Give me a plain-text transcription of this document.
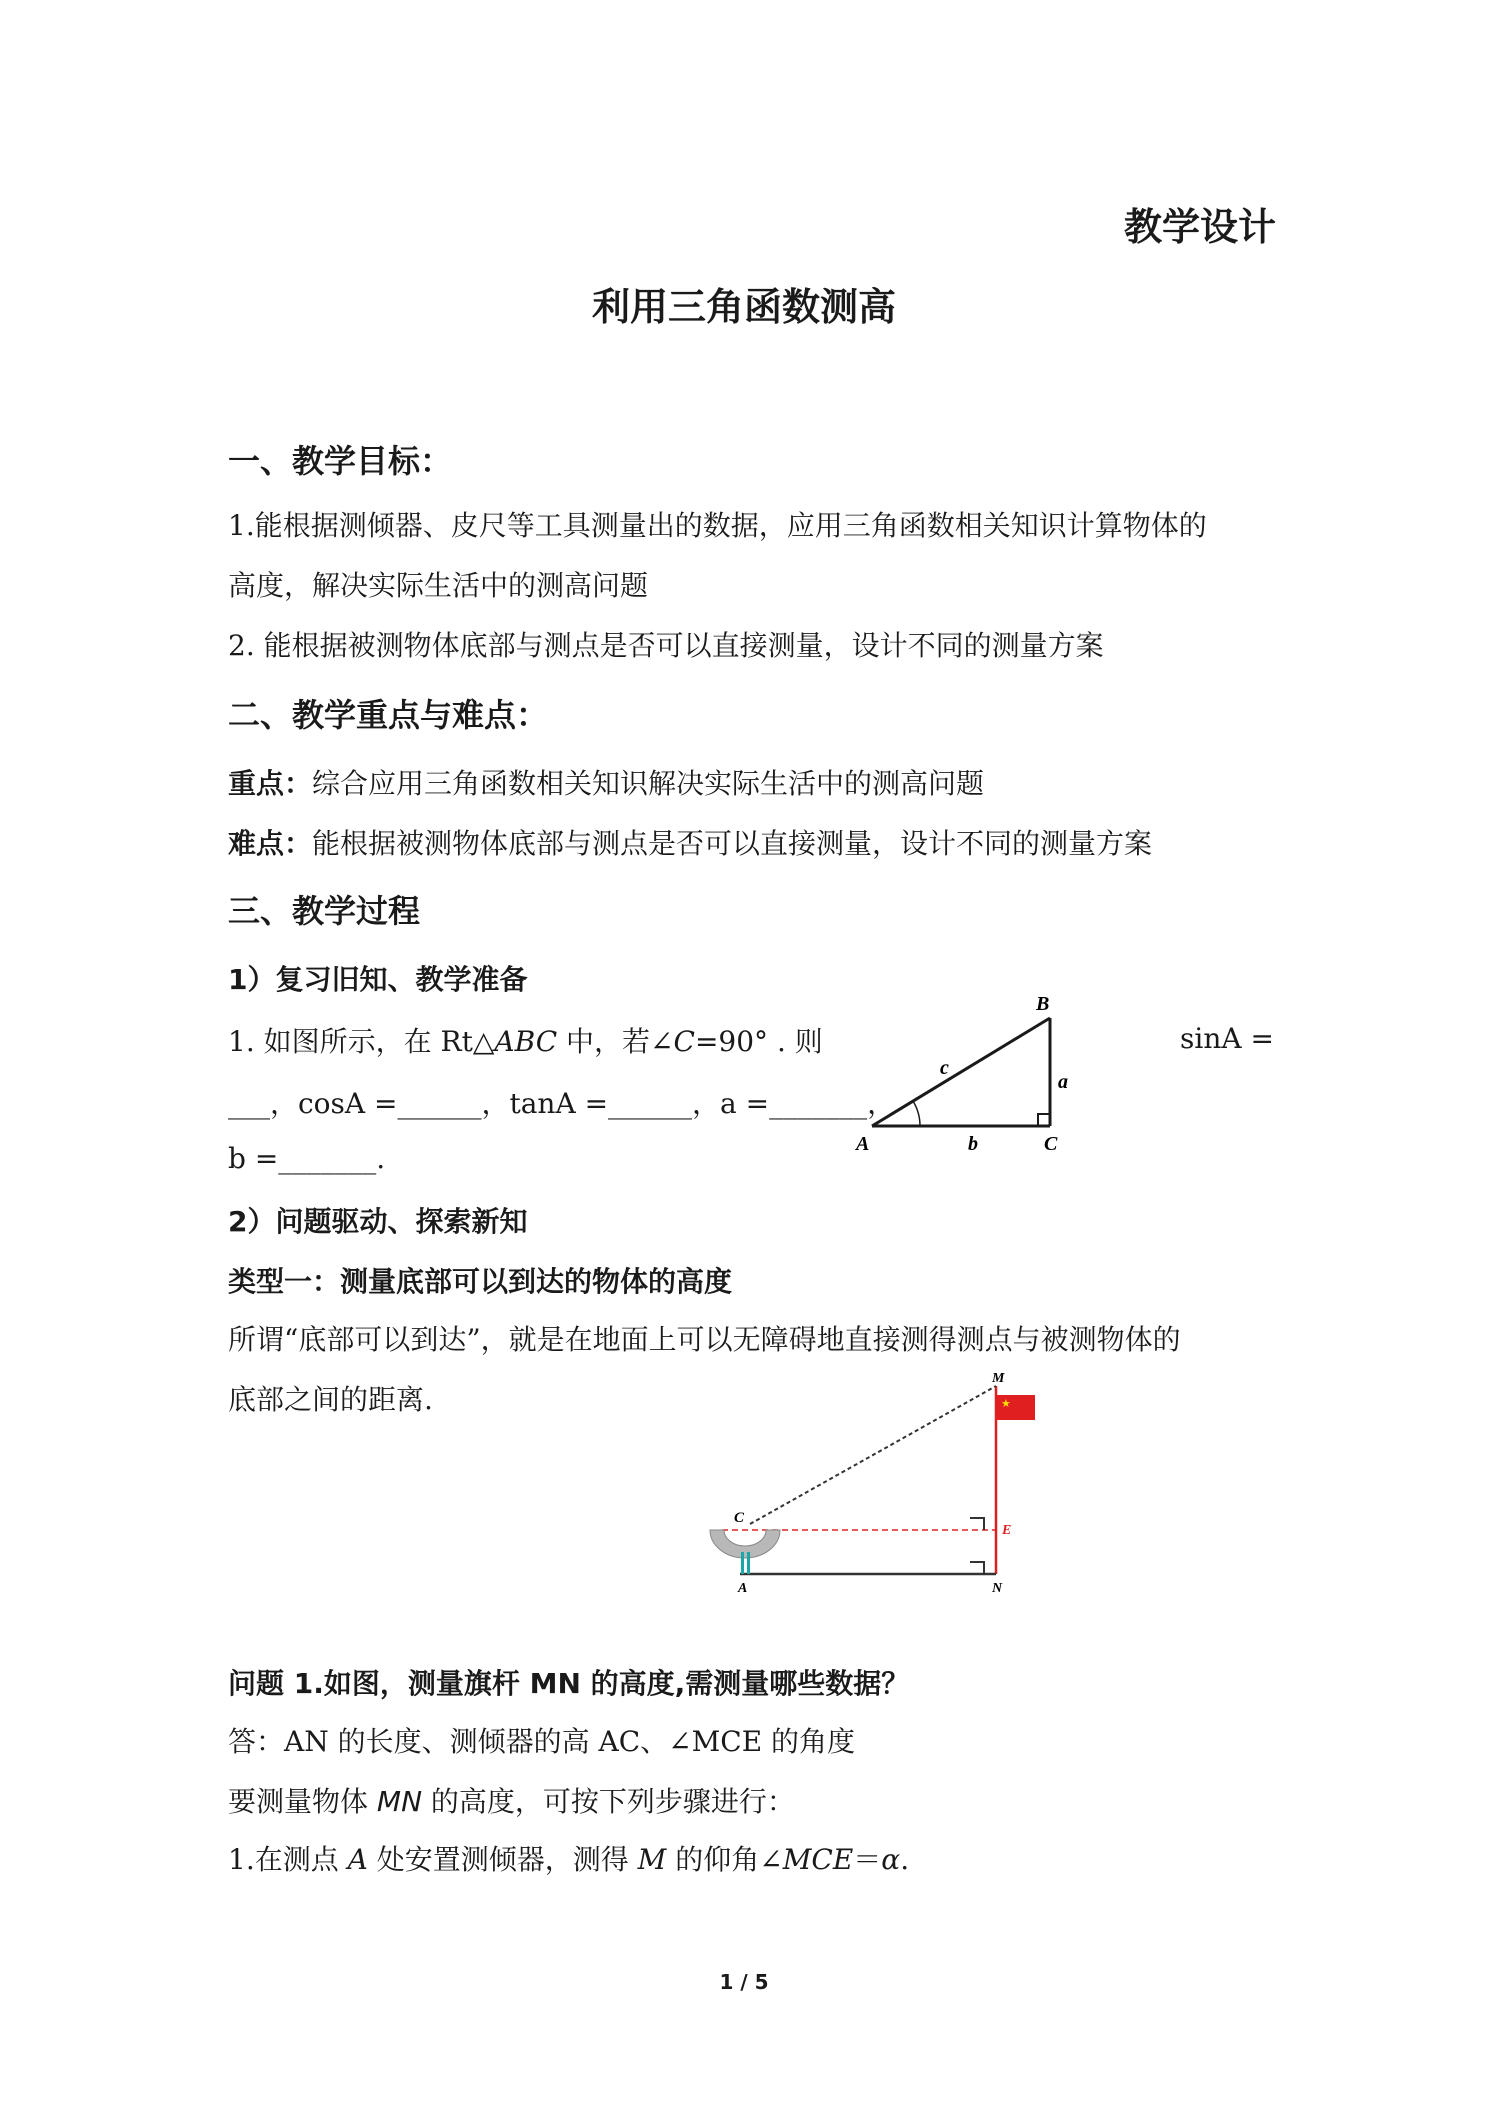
教学设计
利用三角函数测高
一、教学目标：
1.能根据测倾器、皮尺等工具测量出的数据，应用三角函数相关知识计算物体的
高度，解决实际生活中的测高问题
2. 能根据被测物体底部与测点是否可以直接测量，设计不同的测量方案
二、教学重点与难点：
重点：综合应用三角函数相关知识解决实际生活中的测高问题
难点：能根据被测物体底部与测点是否可以直接测量，设计不同的测量方案
三、教学过程
1）复习旧知、教学准备
1. 如图所示，在 Rt△ABC 中，若∠C=90° . 则	sinA =
___，cosA =______，tanA =______，a =_______，
b =_______.
B
c
a
A	b	C
2）问题驱动、探索新知
类型一：测量底部可以到达的物体的高度
所谓“底部可以到达”，就是在地面上可以无障碍地直接测得测点与被测物体的
底部之间的距离.	★
M
C
E
A	N
问题 1.如图，测量旗杆 MN 的高度,需测量哪些数据？
答：AN 的长度、测倾器的高 AC、∠MCE 的角度
要测量物体 MN 的高度，可按下列步骤进行：
1.在测点 A 处安置测倾器，测得 M 的仰角∠MCE＝α.
1 / 5
